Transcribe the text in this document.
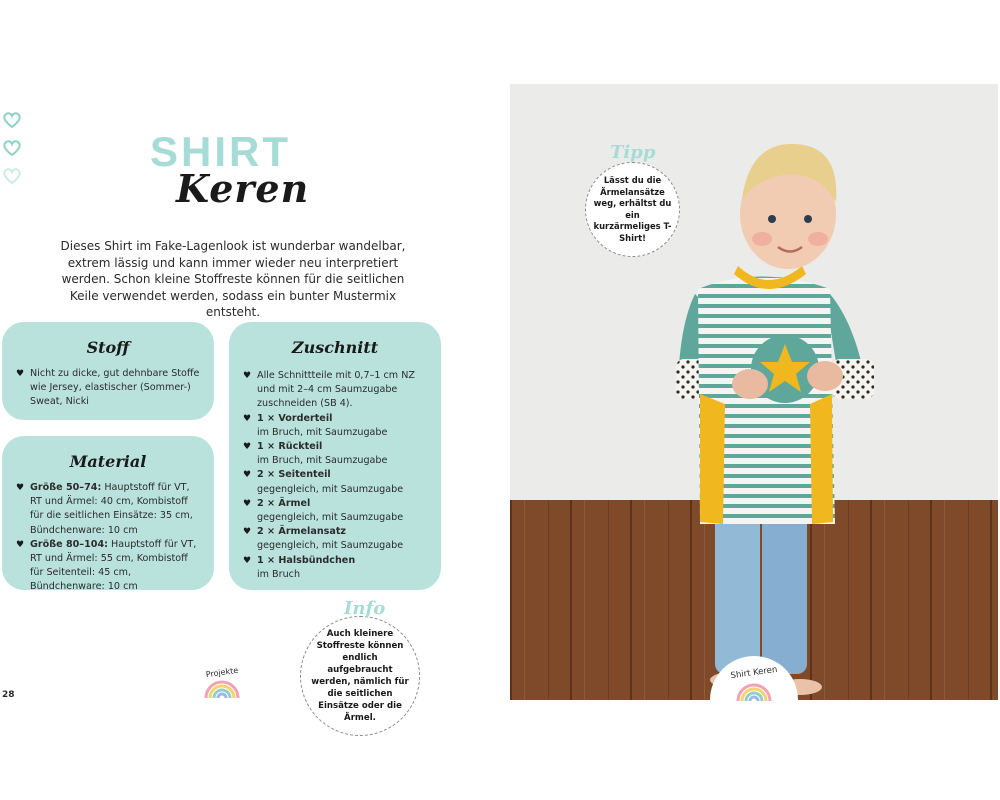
SHIRT
Keren

Dieses Shirt im Fake-Lagenlook ist wunderbar wandelbar, extrem lässig und kann immer wieder neu interpretiert werden. Schon kleine Stoffreste können für die seitlichen Keile verwendet werden, sodass ein bunter Mustermix entsteht.

Stoff
♥ Nicht zu dicke, gut dehnbare Stoffe wie Jersey, elastischer (Sommer-) Sweat, Nicki
Material
♥ Größe 50–74: Hauptstoff für VT, RT und Ärmel: 40 cm, Kombistoff für die seitlichen Einsätze: 35 cm, Bündchenware: 10 cm
♥ Größe 80–104: Hauptstoff für VT, RT und Ärmel: 55 cm, Kombistoff für Seitenteil: 45 cm, Bündchenware: 10 cm
Zuschnitt
♥ Alle Schnittteile mit 0,7–1 cm NZ und mit 2–4 cm Saumzugabe zuschneiden (SB 4).
♥ 1 × Vorderteil
im Bruch, mit Saumzugabe
♥ 1 × Rückteil
im Bruch, mit Saumzugabe
♥ 2 × Seitenteil
gegengleich, mit Saumzugabe
♥ 2 × Ärmel
gegengleich, mit Saumzugabe
♥ 2 × Ärmelansatz
gegengleich, mit Saumzugabe
♥ 1 × Halsbündchen
im Bruch
Auch kleinere Stoffreste können endlich aufgebraucht werden, nämlich für die seitlichen Einsätze oder die Ärmel.
Info
28
Projekte
Lässt du die Ärmelansätze weg, erhältst du ein kurzärmeliges T-Shirt!
Tipp
Shirt Keren
